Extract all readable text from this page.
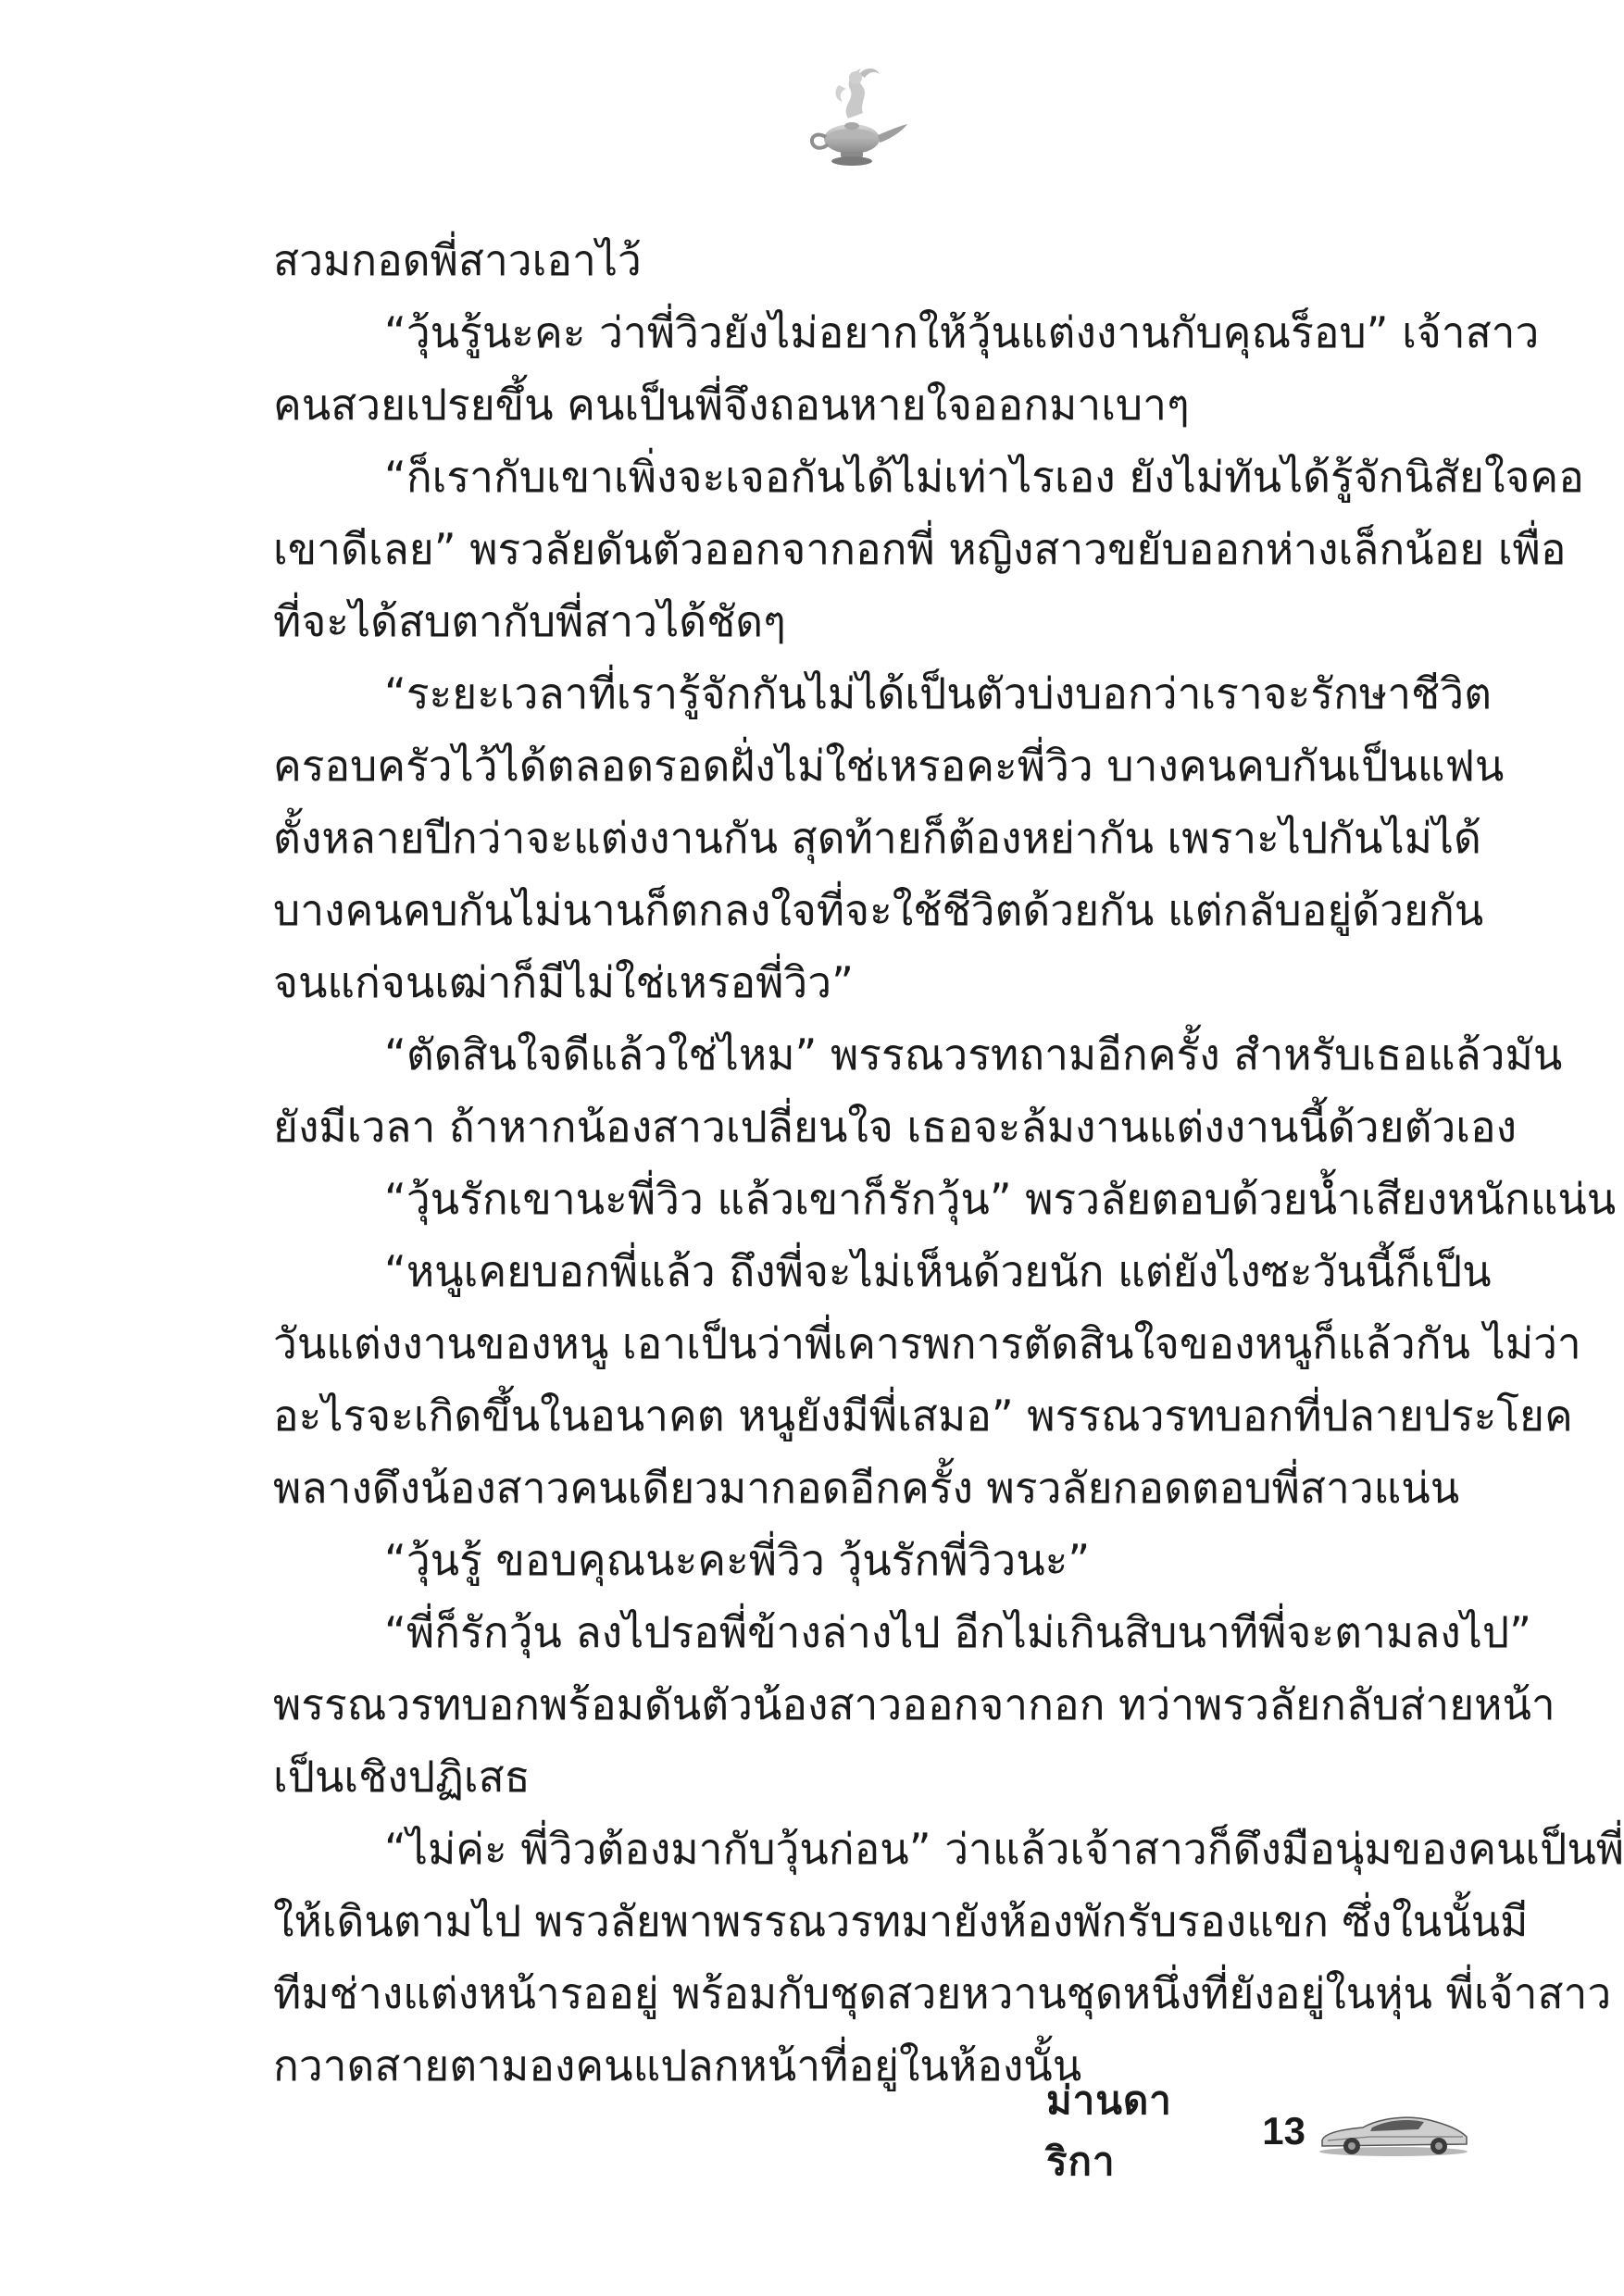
สวมกอดพี่สาวเอาไว้
“วุ้นรู้นะคะ ว่าพี่วิวยังไม่อยากให้วุ้นแต่งงานกับคุณร็อบ” เจ้าสาว
คนสวยเปรยขึ้น คนเป็นพี่จึงถอนหายใจออกมาเบาๆ
“ก็เรากับเขาเพิ่งจะเจอกันได้ไม่เท่าไรเอง ยังไม่ทันได้รู้จักนิสัยใจคอ
เขาดีเลย” พรวลัยดันตัวออกจากอกพี่ หญิงสาวขยับออกห่างเล็กน้อย เพื่อ
ที่จะได้สบตากับพี่สาวได้ชัดๆ
“ระยะเวลาที่เรารู้จักกันไม่ได้เป็นตัวบ่งบอกว่าเราจะรักษาชีวิต
ครอบครัวไว้ได้ตลอดรอดฝั่งไม่ใช่เหรอคะพี่วิว บางคนคบกันเป็นแฟน
ตั้งหลายปีกว่าจะแต่งงานกัน สุดท้ายก็ต้องหย่ากัน เพราะไปกันไม่ได้
บางคนคบกันไม่นานก็ตกลงใจที่จะใช้ชีวิตด้วยกัน แต่กลับอยู่ด้วยกัน
จนแก่จนเฒ่าก็มีไม่ใช่เหรอพี่วิว”
“ตัดสินใจดีแล้วใช่ไหม” พรรณวรทถามอีกครั้ง สำหรับเธอแล้วมัน
ยังมีเวลา ถ้าหากน้องสาวเปลี่ยนใจ เธอจะล้มงานแต่งงานนี้ด้วยตัวเอง
“วุ้นรักเขานะพี่วิว แล้วเขาก็รักวุ้น” พรวลัยตอบด้วยน้ำเสียงหนักแน่น
“หนูเคยบอกพี่แล้ว ถึงพี่จะไม่เห็นด้วยนัก แต่ยังไงซะวันนี้ก็เป็น
วันแต่งงานของหนู เอาเป็นว่าพี่เคารพการตัดสินใจของหนูก็แล้วกัน ไม่ว่า
อะไรจะเกิดขึ้นในอนาคต หนูยังมีพี่เสมอ” พรรณวรทบอกที่ปลายประโยค
พลางดึงน้องสาวคนเดียวมากอดอีกครั้ง พรวลัยกอดตอบพี่สาวแน่น
“วุ้นรู้ ขอบคุณนะคะพี่วิว วุ้นรักพี่วิวนะ”
“พี่ก็รักวุ้น ลงไปรอพี่ข้างล่างไป อีกไม่เกินสิบนาทีพี่จะตามลงไป”
พรรณวรทบอกพร้อมดันตัวน้องสาวออกจากอก ทว่าพรวลัยกลับส่ายหน้า
เป็นเชิงปฏิเสธ
“ไม่ค่ะ พี่วิวต้องมากับวุ้นก่อน” ว่าแล้วเจ้าสาวก็ดึงมือนุ่มของคนเป็นพี่
ให้เดินตามไป พรวลัยพาพรรณวรทมายังห้องพักรับรองแขก ซึ่งในนั้นมี
ทีมช่างแต่งหน้ารออยู่ พร้อมกับชุดสวยหวานชุดหนึ่งที่ยังอยู่ในหุ่น พี่เจ้าสาว
กวาดสายตามองคนแปลกหน้าที่อยู่ในห้องนั้น
ม่านดาริกา
13
